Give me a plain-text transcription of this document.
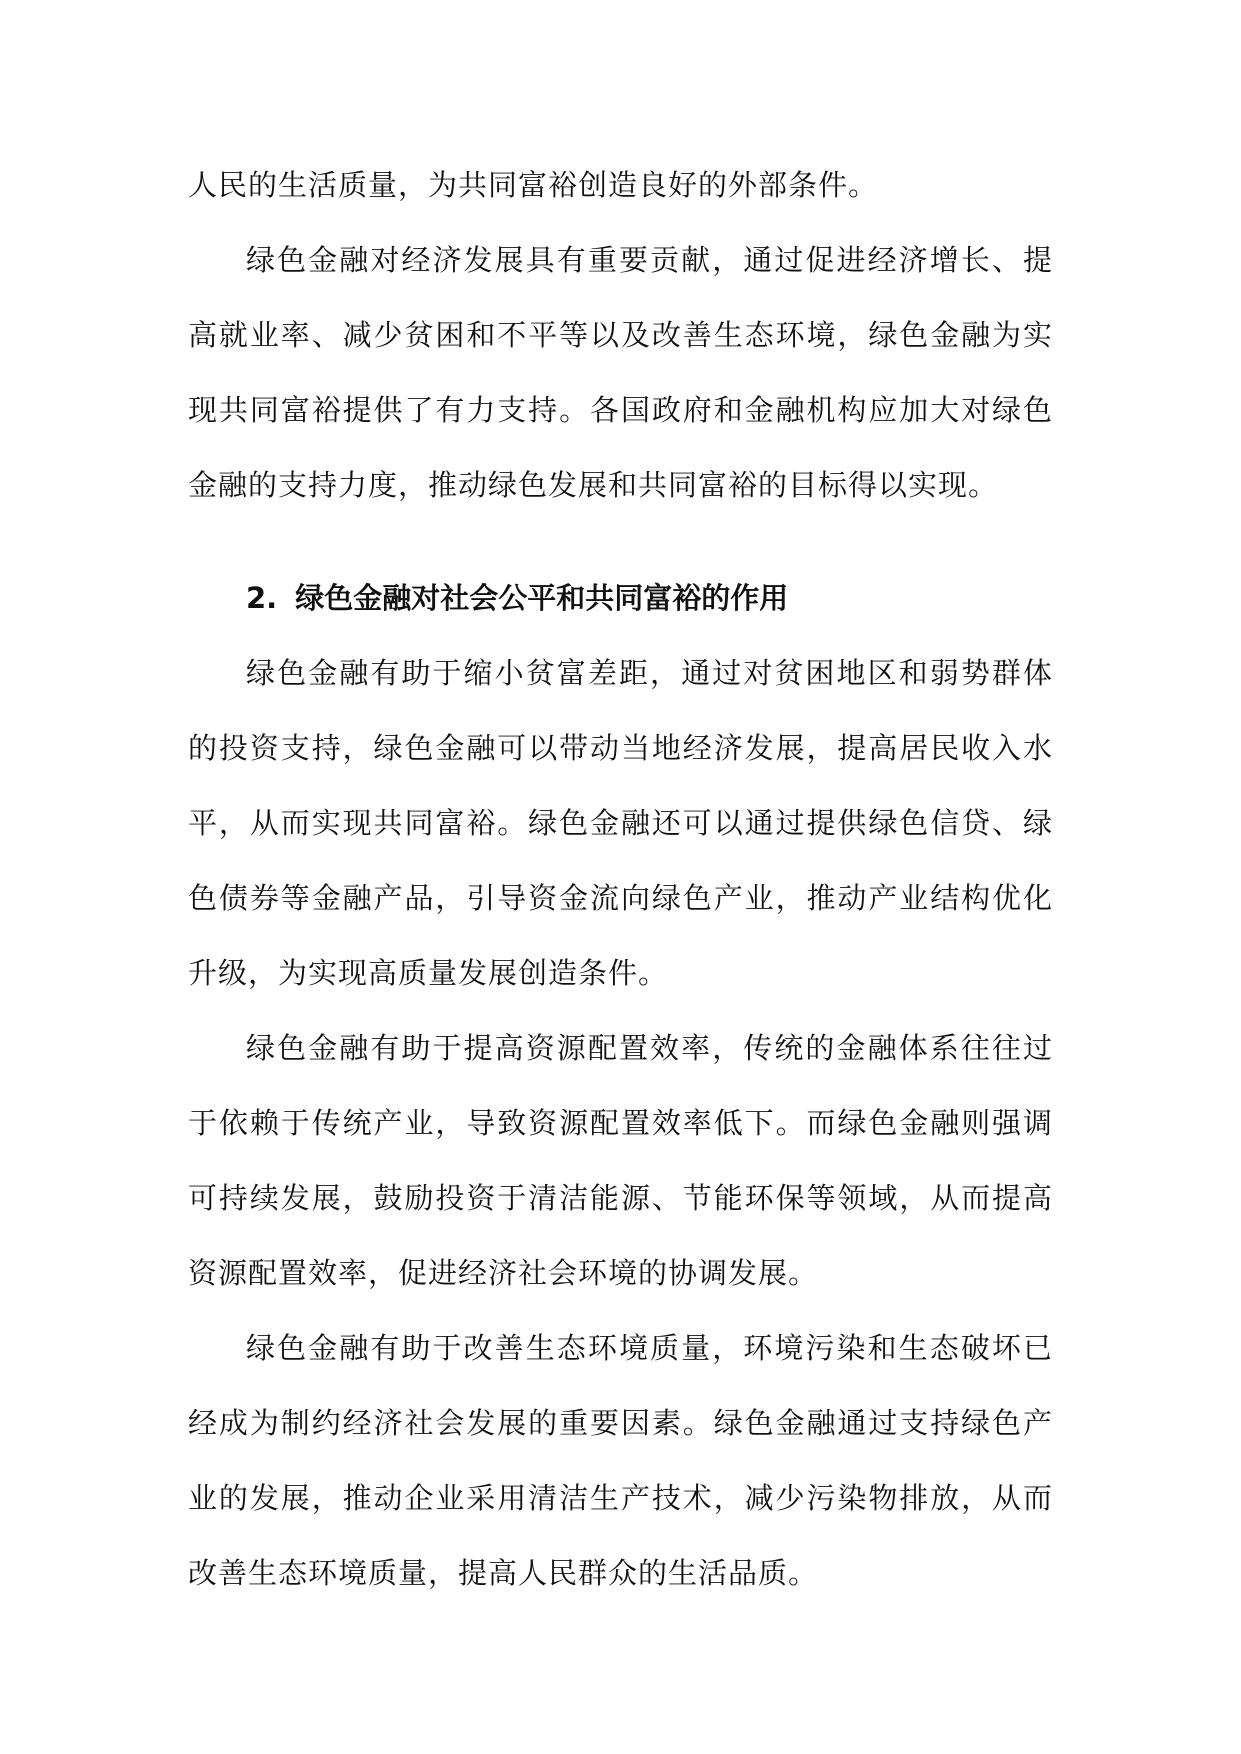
人民的生活质量，为共同富裕创造良好的外部条件。

绿色金融对经济发展具有重要贡献，通过促进经济增长、提高就业率、减少贫困和不平等以及改善生态环境，绿色金融为实现共同富裕提供了有力支持。各国政府和金融机构应加大对绿色金融的支持力度，推动绿色发展和共同富裕的目标得以实现。

2. 绿色金融对社会公平和共同富裕的作用

绿色金融有助于缩小贫富差距，通过对贫困地区和弱势群体的投资支持，绿色金融可以带动当地经济发展，提高居民收入水平，从而实现共同富裕。绿色金融还可以通过提供绿色信贷、绿色债券等金融产品，引导资金流向绿色产业，推动产业结构优化升级，为实现高质量发展创造条件。

绿色金融有助于提高资源配置效率，传统的金融体系往往过于依赖于传统产业，导致资源配置效率低下。而绿色金融则强调可持续发展，鼓励投资于清洁能源、节能环保等领域，从而提高资源配置效率，促进经济社会环境的协调发展。

绿色金融有助于改善生态环境质量，环境污染和生态破坏已经成为制约经济社会发展的重要因素。绿色金融通过支持绿色产业的发展，推动企业采用清洁生产技术，减少污染物排放，从而改善生态环境质量，提高人民群众的生活品质。
